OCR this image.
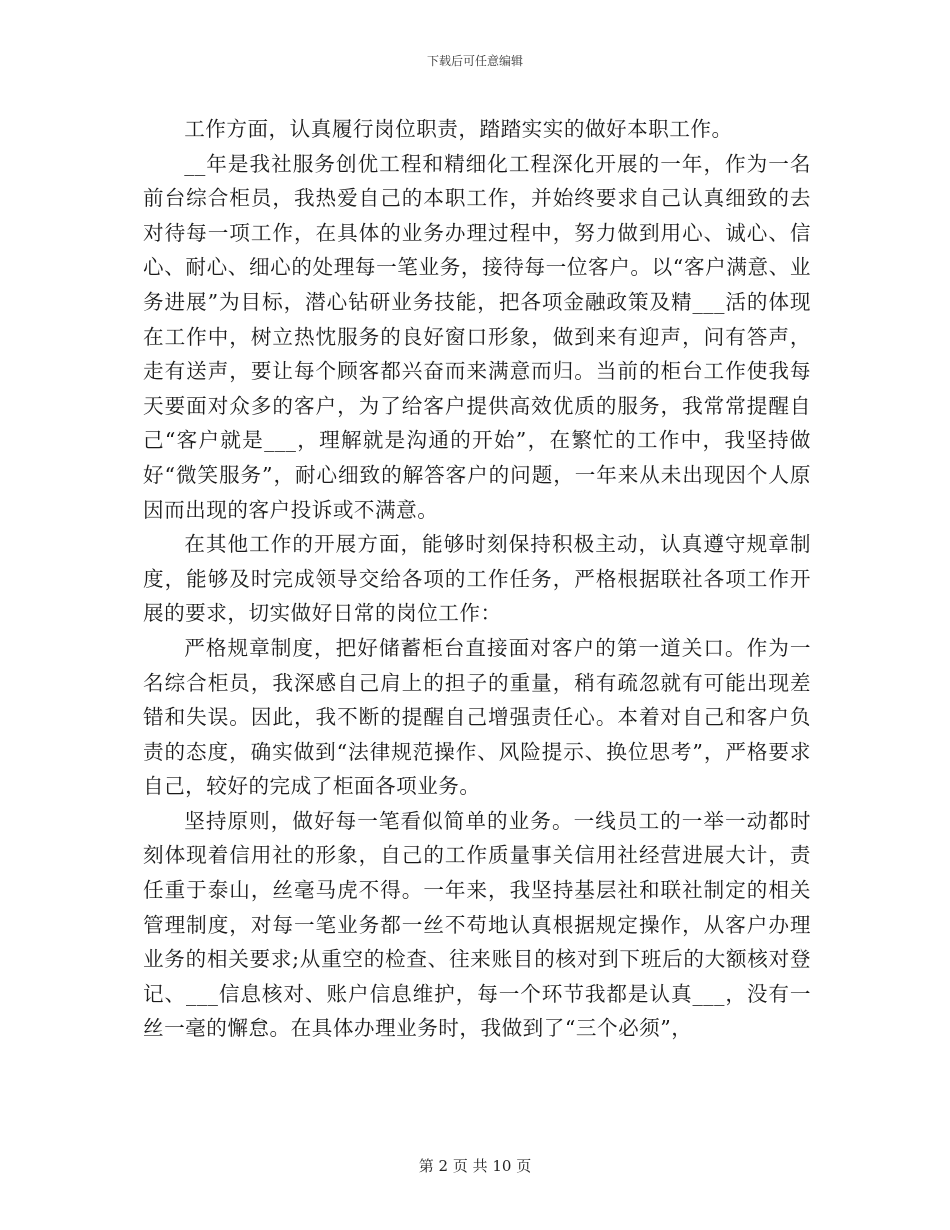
下载后可任意编辑

工作方面，认真履行岗位职责，踏踏实实的做好本职工作。

__年是我社服务创优工程和精细化工程深化开展的一年，作为一名前台综合柜员，我热爱自己的本职工作，并始终要求自己认真细致的去对待每一项工作，在具体的业务办理过程中，努力做到用心、诚心、信心、耐心、细心的处理每一笔业务，接待每一位客户。以“客户满意、业务进展”为目标，潜心钻研业务技能，把各项金融政策及精___活的体现在工作中，树立热忱服务的良好窗口形象，做到来有迎声，问有答声，走有送声，要让每个顾客都兴奋而来满意而归。当前的柜台工作使我每天要面对众多的客户，为了给客户提供高效优质的服务，我常常提醒自己“客户就是___，理解就是沟通的开始”，在繁忙的工作中，我坚持做好“微笑服务”，耐心细致的解答客户的问题，一年来从未出现因个人原因而出现的客户投诉或不满意。

在其他工作的开展方面，能够时刻保持积极主动，认真遵守规章制度，能够及时完成领导交给各项的工作任务，严格根据联社各项工作开展的要求，切实做好日常的岗位工作：

严格规章制度，把好储蓄柜台直接面对客户的第一道关口。作为一名综合柜员，我深感自己肩上的担子的重量，稍有疏忽就有可能出现差错和失误。因此，我不断的提醒自己增强责任心。本着对自己和客户负责的态度，确实做到“法律规范操作、风险提示、换位思考”，严格要求自己，较好的完成了柜面各项业务。

坚持原则，做好每一笔看似简单的业务。一线员工的一举一动都时刻体现着信用社的形象，自己的工作质量事关信用社经营进展大计，责任重于泰山，丝毫马虎不得。一年来，我坚持基层社和联社制定的相关管理制度，对每一笔业务都一丝不苟地认真根据规定操作，从客户办理业务的相关要求;从重空的检查、往来账目的核对到下班后的大额核对登记、___信息核对、账户信息维护，每一个环节我都是认真___，没有一丝一毫的懈怠。在具体办理业务时，我做到了“三个必须”，

第 2 页 共 10 页
